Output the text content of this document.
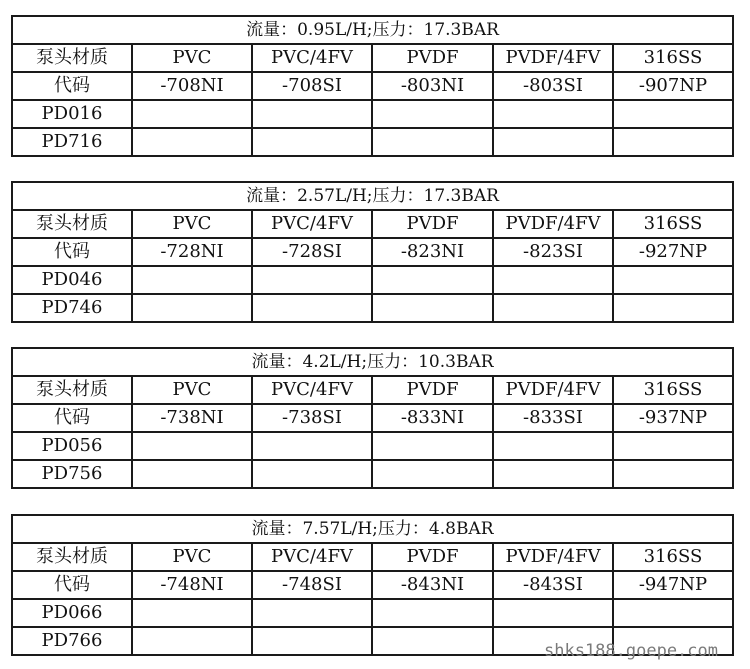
流量：0.95L/H;压力：17.3BAR					
泵头材质	PVC	PVC/4FV	PVDF	PVDF/4FV	316SS
代码	-708NI	-708SI	-803NI	-803SI	-907NP
PD016					
PD716					
流量：2.57L/H;压力：17.3BAR					
泵头材质	PVC	PVC/4FV	PVDF	PVDF/4FV	316SS
代码	-728NI	-728SI	-823NI	-823SI	-927NP
PD046					
PD746					
流量：4.2L/H;压力：10.3BAR					
泵头材质	PVC	PVC/4FV	PVDF	PVDF/4FV	316SS
代码	-738NI	-738SI	-833NI	-833SI	-937NP
PD056					
PD756					
流量：7.57L/H;压力：4.8BAR					
泵头材质	PVC	PVC/4FV	PVDF	PVDF/4FV	316SS
代码	-748NI	-748SI	-843NI	-843SI	-947NP
PD066					
PD766						shks188.goepe.com
